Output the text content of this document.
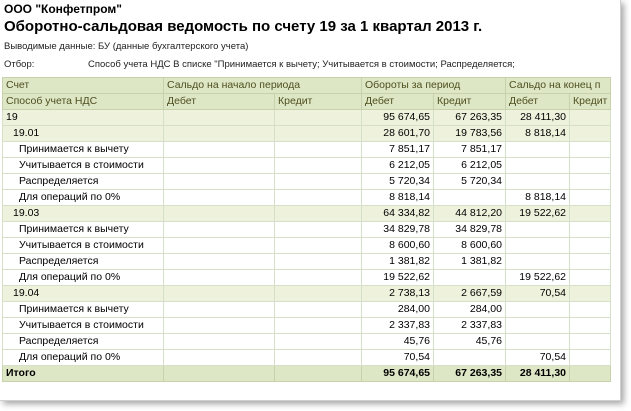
ООО "Конфетпром"
Оборотно-сальдовая ведомость по счету 19 за 1 квартал 2013 г.
Выводимые данные: БУ (данные бухгалтерского учета)
Отбор:	Способ учета НДС В списке "Принимается к вычету; Учитывается в стоимости; Распределяется;
Счет	Сальдо на начало периода		Обороты за период		Сальдо на конец п	
Способ учета НДС	Дебет	Кредит	Дебет	Кредит	Дебет	Кредит
19			95 674,65	67 263,35	28 411,30	
19.01			28 601,70	19 783,56	8 818,14	
Принимается к вычету			7 851,17	7 851,17		
Учитывается в стоимости			6 212,05	6 212,05		
Распределяется			5 720,34	5 720,34		
Для операций по 0%			8 818,14		8 818,14	
19.03			64 334,82	44 812,20	19 522,62	
Принимается к вычету			34 829,78	34 829,78		
Учитывается в стоимости			8 600,60	8 600,60		
Распределяется			1 381,82	1 381,82		
Для операций по 0%			19 522,62		19 522,62	
19.04			2 738,13	2 667,59	70,54	
Принимается к вычету			284,00	284,00		
Учитывается в стоимости			2 337,83	2 337,83		
Распределяется			45,76	45,76		
Для операций по 0%			70,54		70,54	
Итого			95 674,65	67 263,35	28 411,30	
